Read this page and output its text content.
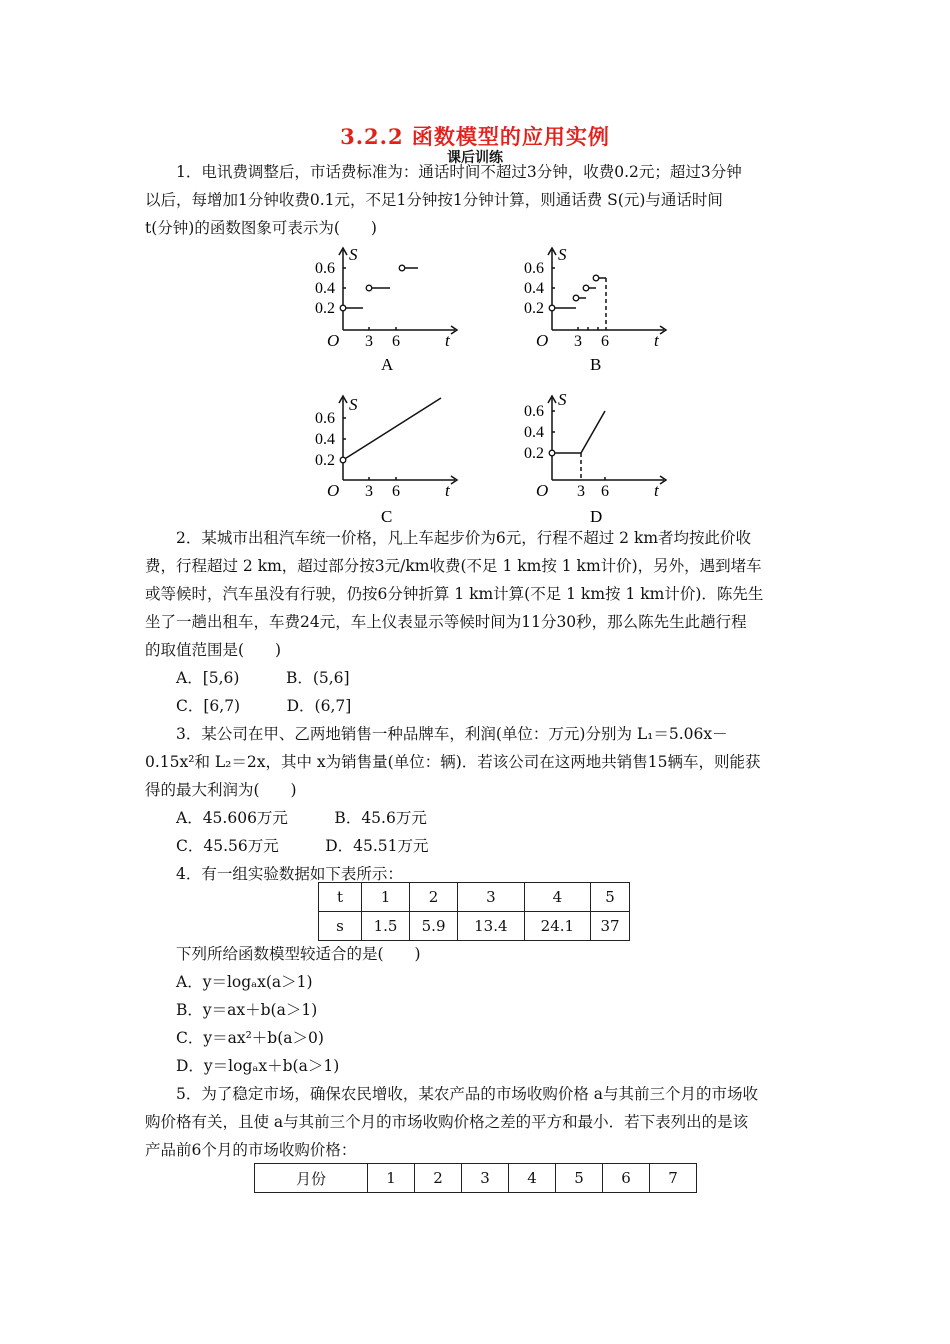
3.2.2 函数模型的应用实例
课后训练
1．电讯费调整后，市话费标准为：通话时间不超过3分钟，收费0.2元；超过3分钟
以后，每增加1分钟收费0.1元，不足1分钟按1分钟计算，则通话费 S(元)与通话时间
t(分钟)的函数图象可表示为(　　)
0.6
0.4
0.2
3 6
S
t
O
A
0.6
0.4
0.2
3 6
S
t
O
B
0.6
0.4
0.2
3 6
S
t
O
C
0.6
0.4
0.2
3 6
S
t
O
D
2．某城市出租汽车统一价格，凡上车起步价为6元，行程不超过 2 km者均按此价收
费，行程超过 2 km，超过部分按3元/km收费(不足 1 km按 1 km计价)，另外，遇到堵车
或等候时，汽车虽没有行驶，仍按6分钟折算 1 km计算(不足 1 km按 1 km计价)．陈先生
坐了一趟出租车，车费24元，车上仪表显示等候时间为11分30秒，那么陈先生此趟行程
的取值范围是(　　)
A．[5,6)　　　B．(5,6]
C．[6,7)　　　D．(6,7]
3．某公司在甲、乙两地销售一种品牌车，利润(单位：万元)分别为 L₁＝5.06x－
0.15x²和 L₂＝2x，其中 x为销售量(单位：辆)．若该公司在这两地共销售15辆车，则能获
得的最大利润为(　　)
A．45.606万元　　　B．45.6万元
C．45.56万元　　　D．45.51万元
4．有一组实验数据如下表所示：
t	1	2	3	4	5
s	1.5	5.9	13.4	24.1	37
下列所给函数模型较适合的是(　　)
A．y＝logₐx(a＞1)
B．y＝ax＋b(a＞1)
C．y＝ax²＋b(a＞0)
D．y＝logₐx＋b(a＞1)
5．为了稳定市场，确保农民增收，某农产品的市场收购价格 a与其前三个月的市场收
购价格有关，且使 a与其前三个月的市场收购价格之差的平方和最小．若下表列出的是该
产品前6个月的市场收购价格：
月份	1	2	3	4	5	6	7
